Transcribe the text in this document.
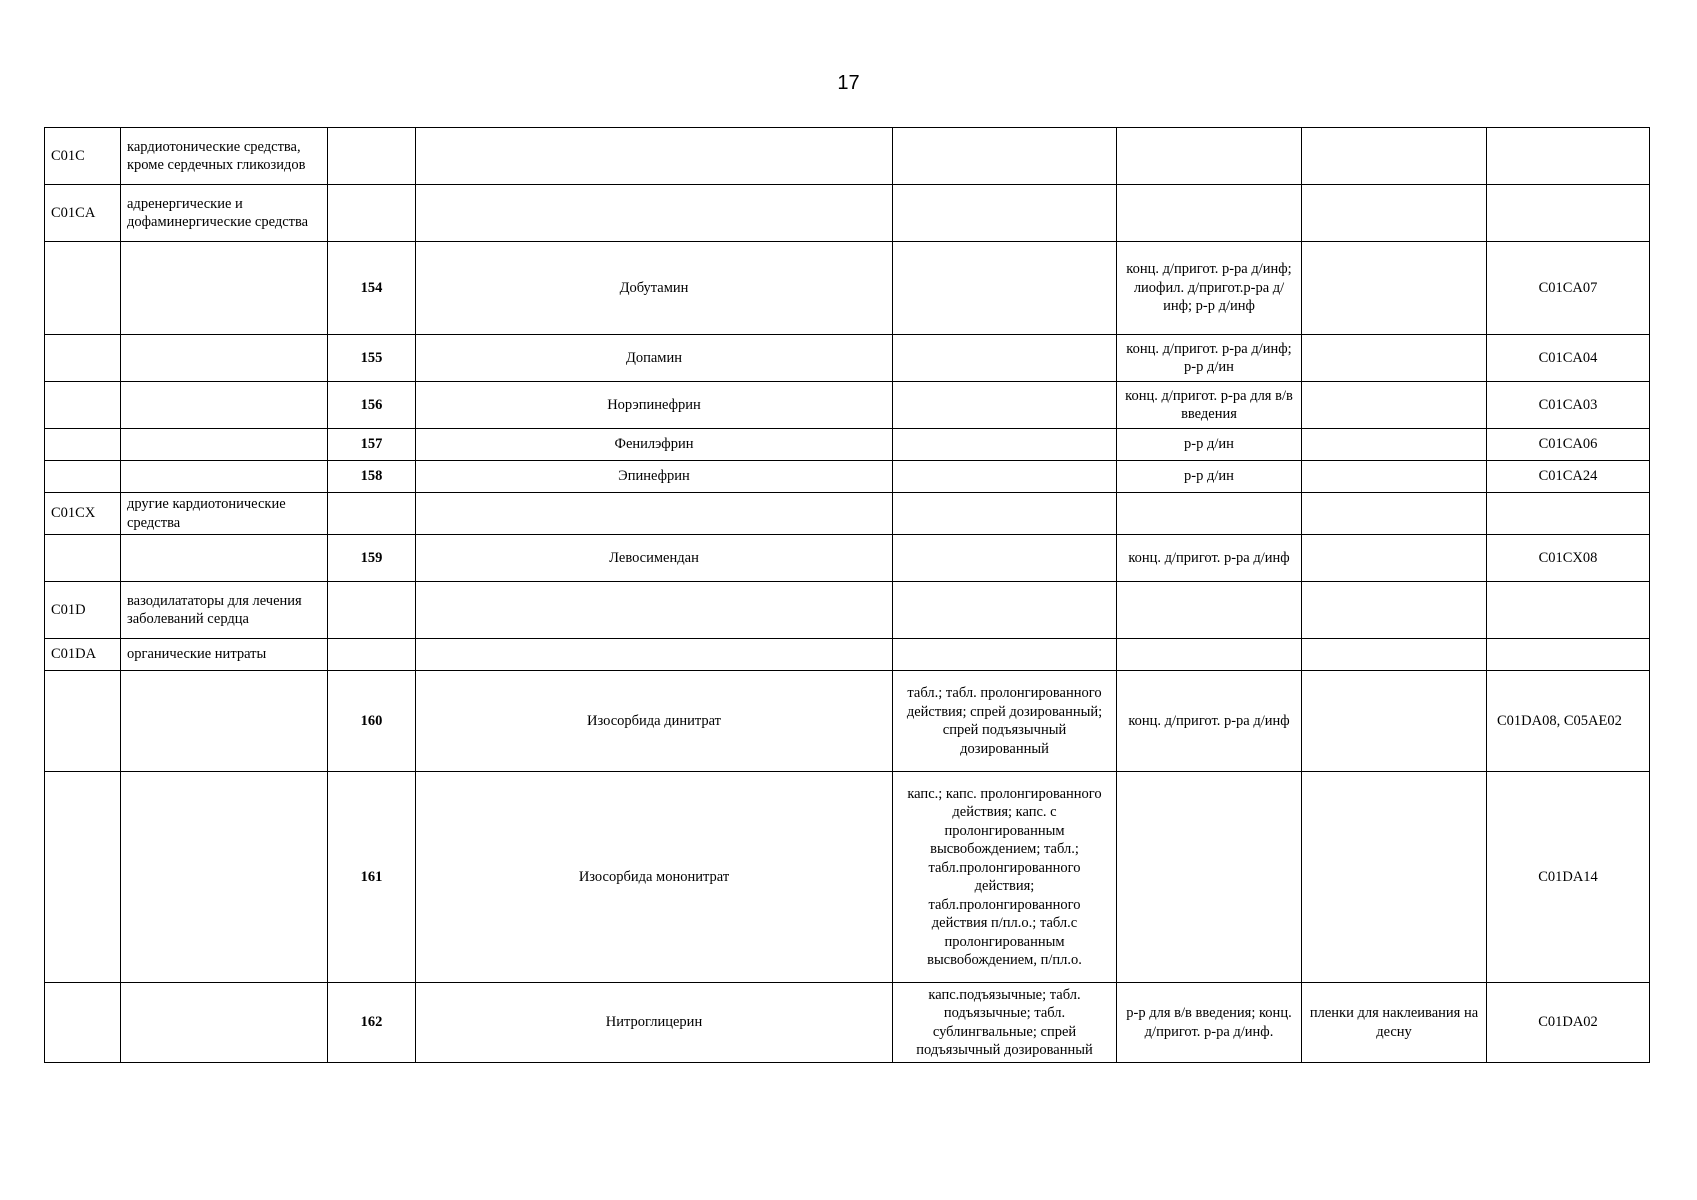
17
C01C	кардиотонические средства, кроме сердечных гликозидов						
C01CA	адренергические и дофаминергические средства						
		154	Добутамин		конц. д/пригот. р-ра д/инф; лиофил. д/пригот.р-ра д/инф; р-р д/инф		C01CA07
		155	Допамин		конц. д/пригот. р-ра д/инф; р-р д/ин		C01CA04
		156	Норэпинефрин		конц. д/пригот. р-ра для в/в введения		C01CA03
		157	Фенилэфрин		р-р д/ин		C01CA06
		158	Эпинефрин		р-р д/ин		C01CA24
C01CX	другие кардиотонические средства						
		159	Левосимендан		конц. д/пригот. р-ра д/инф		C01CX08
C01D	вазодилататоры для лечения заболеваний сердца						
C01DA	органические нитраты						
		160	Изосорбида динитрат	табл.; табл. пролонгированного действия; спрей дозированный; спрей подъязычный дозированный	конц. д/пригот. р-ра д/инф		C01DA08, C05AE02
		161	Изосорбида мононитрат	капс.; капс. пролонгированного действия; капс. с пролонгированным высвобождением; табл.; табл.пролонгированного действия; табл.пролонгированного действия п/пл.о.; табл.с пролонгированным высвобождением, п/пл.о.			C01DA14
		162	Нитроглицерин	капс.подъязычные; табл. подъязычные; табл. сублингвальные; спрей подъязычный дозированный	р-р для в/в введения; конц. д/пригот. р-ра д/инф.	пленки для наклеивания на десну	C01DA02
